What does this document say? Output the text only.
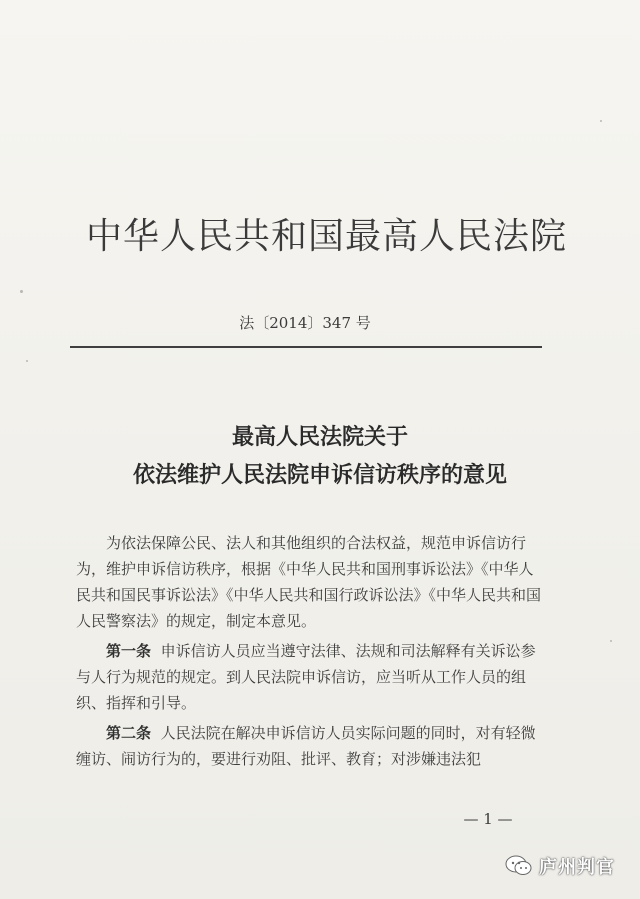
中华人民共和国最高人民法院
法〔2014〕347 号
最高人民法院关于
依法维护人民法院申诉信访秩序的意见

为依法保障公民、法人和其他组织的合法权益，规范申诉信访行为，维护申诉信访秩序，根据《中华人民共和国刑事诉讼法》《中华人民共和国民事诉讼法》《中华人民共和国行政诉讼法》《中华人民共和国人民警察法》的规定，制定本意见。

第一条 申诉信访人员应当遵守法律、法规和司法解释有关诉讼参与人行为规范的规定。到人民法院申诉信访，应当听从工作人员的组织、指挥和引导。

第二条 人民法院在解决申诉信访人员实际问题的同时，对有轻微缠访、闹访行为的，要进行劝阻、批评、教育；对涉嫌违法犯

— 1 —
庐州判官
